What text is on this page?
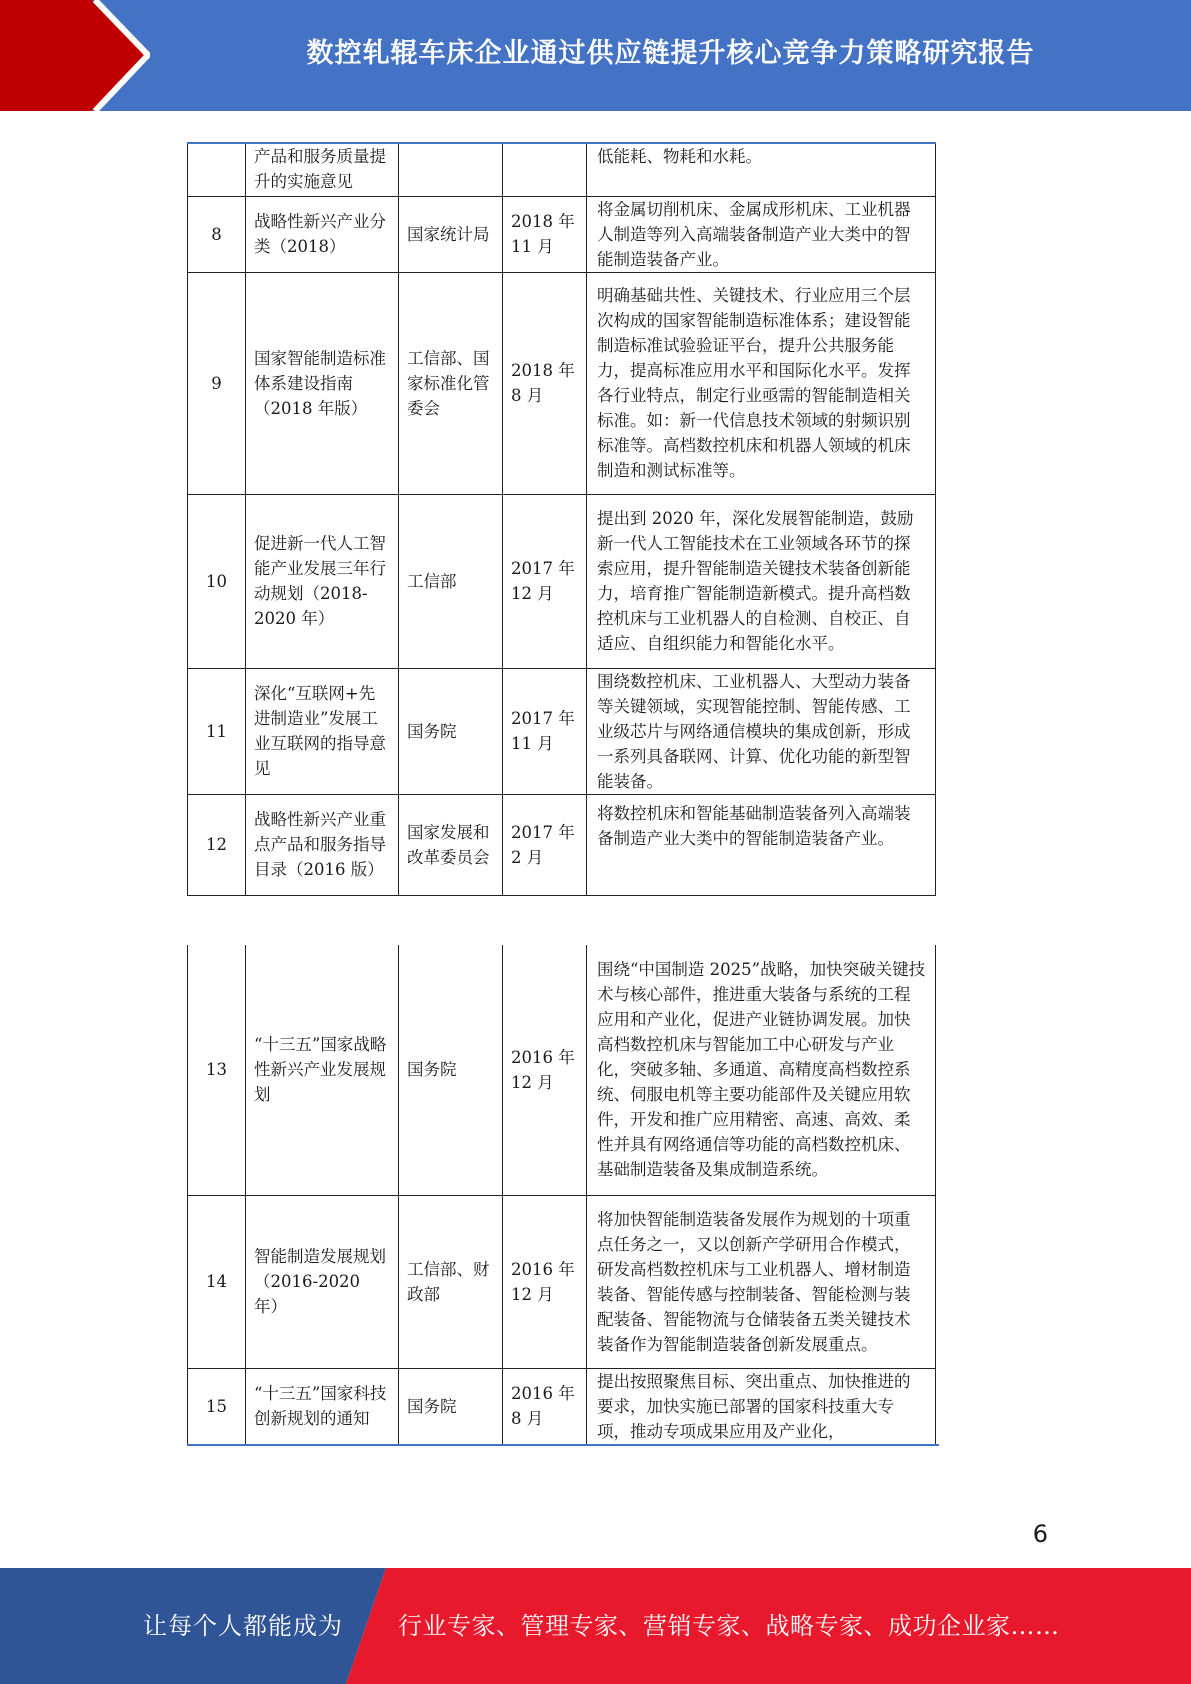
数控轧辊车床企业通过供应链提升核心竞争力策略研究报告
	产品和服务质量提升的实施意见			低能耗、物耗和水耗。
8	战略性新兴产业分类（2018）	国家统计局	2018 年 11 月	将金属切削机床、金属成形机床、工业机器人制造等列入高端装备制造产业大类中的智能制造装备产业。
9	国家智能制造标准体系建设指南（2018 年版）	工信部、国家标准化管委会	2018 年 8 月	明确基础共性、关键技术、行业应用三个层次构成的国家智能制造标准体系；建设智能制造标准试验验证平台，提升公共服务能力，提高标准应用水平和国际化水平。发挥各行业特点，制定行业亟需的智能制造相关标准。如：新一代信息技术领域的射频识别标准等。高档数控机床和机器人领域的机床制造和测试标准等。
10	促进新一代人工智能产业发展三年行动规划（2018-2020 年）	工信部	2017 年 12 月	提出到 2020 年，深化发展智能制造，鼓励新一代人工智能技术在工业领域各环节的探索应用，提升智能制造关键技术装备创新能力，培育推广智能制造新模式。提升高档数控机床与工业机器人的自检测、自校正、自适应、自组织能力和智能化水平。
11	深化“互联网+先进制造业”发展工业互联网的指导意见	国务院	2017 年 11 月	围绕数控机床、工业机器人、大型动力装备等关键领域，实现智能控制、智能传感、工业级芯片与网络通信模块的集成创新，形成一系列具备联网、计算、优化功能的新型智能装备。
12	战略性新兴产业重点产品和服务指导目录（2016 版）	国家发展和改革委员会	2017 年 2 月	将数控机床和智能基础制造装备列入高端装备制造产业大类中的智能制造装备产业。
13	“十三五”国家战略性新兴产业发展规划	国务院	2016 年 12 月	围绕“中国制造 2025”战略，加快突破关键技术与核心部件，推进重大装备与系统的工程应用和产业化，促进产业链协调发展。加快高档数控机床与智能加工中心研发与产业化，突破多轴、多通道、高精度高档数控系统、伺服电机等主要功能部件及关键应用软件，开发和推广应用精密、高速、高效、柔性并具有网络通信等功能的高档数控机床、基础制造装备及集成制造系统。
14	智能制造发展规划（2016-2020 年）	工信部、财政部	2016 年 12 月	将加快智能制造装备发展作为规划的十项重点任务之一，又以创新产学研用合作模式，研发高档数控机床与工业机器人、增材制造装备、智能传感与控制装备、智能检测与装配装备、智能物流与仓储装备五类关键技术装备作为智能制造装备创新发展重点。
15	“十三五”国家科技创新规划的通知	国务院	2016 年 8 月	提出按照聚焦目标、突出重点、加快推进的要求，加快实施已部署的国家科技重大专项，推动专项成果应用及产业化，
6
让每个人都能成为 行业专家、管理专家、营销专家、战略专家、成功企业家……
